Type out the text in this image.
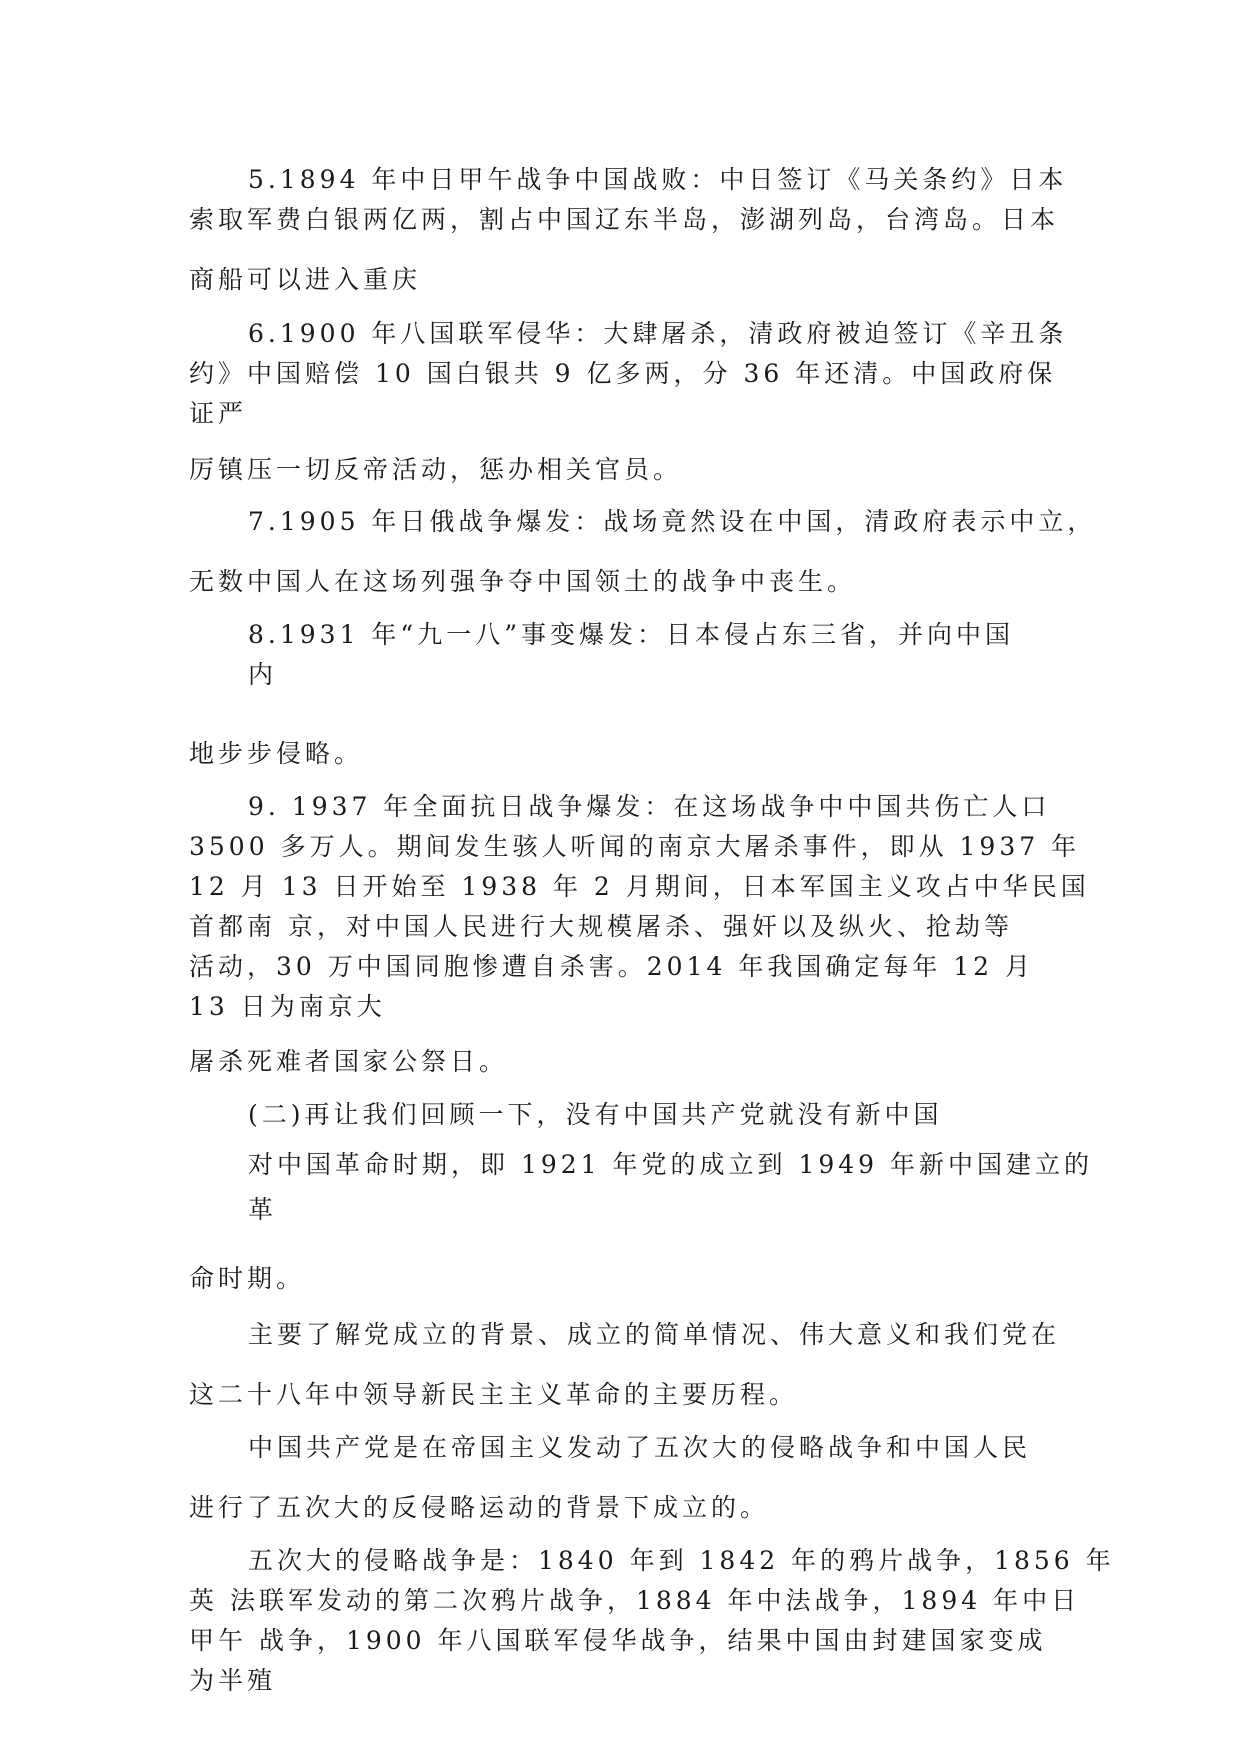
5.1894 年中日甲午战争中国战败：中日签订《马关条约》日本

索取军费白银两亿两，割占中国辽东半岛，澎湖列岛，台湾岛。日本

商船可以进入重庆

6.1900 年八国联军侵华：大肆屠杀，清政府被迫签订《辛丑条

约》中国赔偿 10 国白银共 9 亿多两，分 36 年还清。中国政府保

证严

厉镇压一切反帝活动，惩办相关官员。

7.1905 年日俄战争爆发：战场竟然设在中国，清政府表示中立，

无数中国人在这场列强争夺中国领土的战争中丧生。

8.1931 年“九一八”事变爆发：日本侵占东三省，并向中国

内

地步步侵略。

9. 1937 年全面抗日战争爆发：在这场战争中中国共伤亡人口

3500 多万人。期间发生骇人听闻的南京大屠杀事件，即从 1937 年

12 月 13 日开始至 1938 年 2 月期间，日本军国主义攻占中华民国

首都南 京，对中国人民进行大规模屠杀、强奸以及纵火、抢劫等

活动，30 万中国同胞惨遭自杀害。2014 年我国确定每年 12 月

13 日为南京大

屠杀死难者国家公祭日。

(二)再让我们回顾一下，没有中国共产党就没有新中国

对中国革命时期，即 1921 年党的成立到 1949 年新中国建立的

革

命时期。

主要了解党成立的背景、成立的简单情况、伟大意义和我们党在

这二十八年中领导新民主主义革命的主要历程。

中国共产党是在帝国主义发动了五次大的侵略战争和中国人民

进行了五次大的反侵略运动的背景下成立的。

五次大的侵略战争是：1840 年到 1842 年的鸦片战争，1856 年

英 法联军发动的第二次鸦片战争，1884 年中法战争，1894 年中日

甲午 战争，1900 年八国联军侵华战争，结果中国由封建国家变成

为半殖
